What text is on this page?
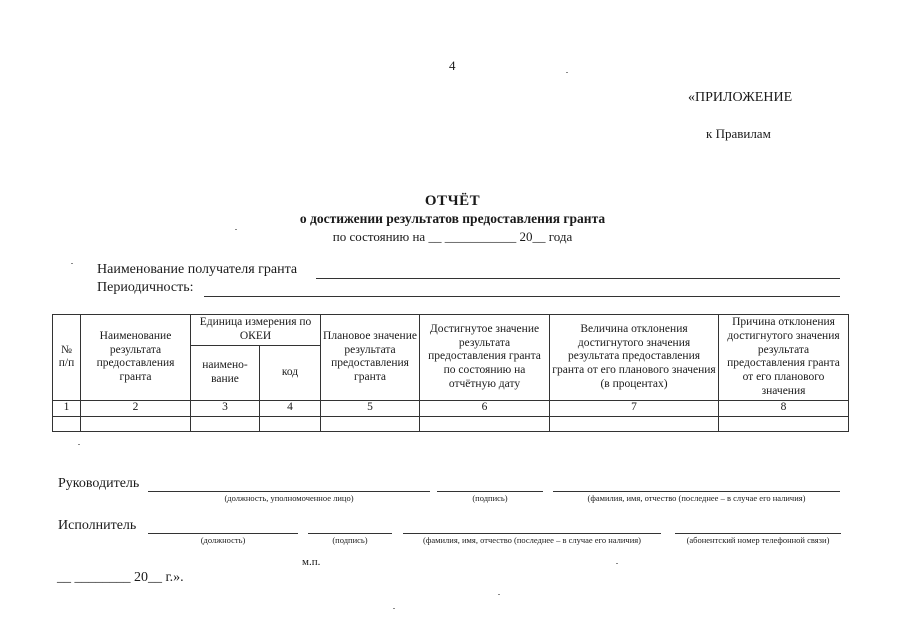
4
«ПРИЛОЖЕНИЕ
к Правилам
ОТЧЁТ
о достижении результатов предоставления гранта
по состоянию на __ ___________ 20__ года
Наименование получателя гранта
Периодичность:
№ п/п	Наименование результата предоставления гранта	Единица измерения по ОКЕИ		Плановое значение результата предоставления гранта	Достигнутое значение результата предоставления гранта по состоянию на отчётную дату	Величина отклонения достигнутого значения результата предоставления гранта от его планового значения (в процентах)	Причина отклонения достигнутого значения результата предоставления гранта от его планового значения
		наимено-вание	код				
1	2	3	4	5	6	7	8

Руководитель
(должность, уполномоченное лицо)	(подпись)	(фамилия, имя, отчество (последнее – в случае его наличия)
Исполнитель
(должность)	(подпись)	(фамилия, имя, отчество (последнее – в случае его наличия)	(абонентский номер телефонной связи)
м.п.
__ ________ 20__ г.».
